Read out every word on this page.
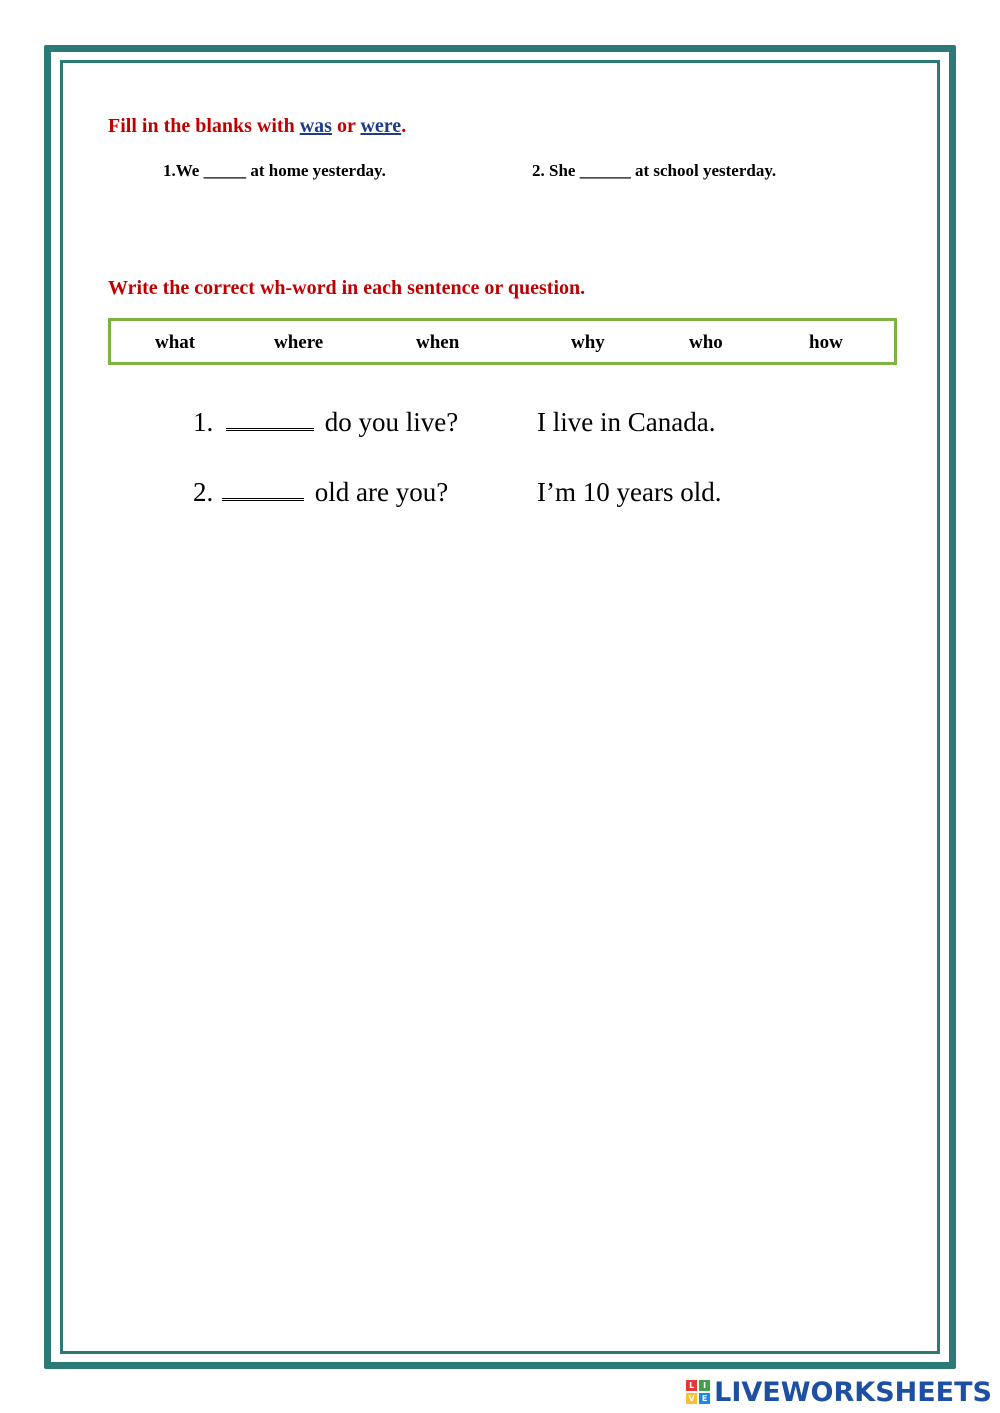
Fill in the blanks with was or were.
1.We _____ at home yesterday.	2. She ______ at school yesterday.
Write the correct wh-word in each sentence or question.
what	where	when	why	who	how
1.	do you live?	I live in Canada.
2.	old are you?	I’m 10 years old.
L	I
V E LIVEWORKSHEETS
